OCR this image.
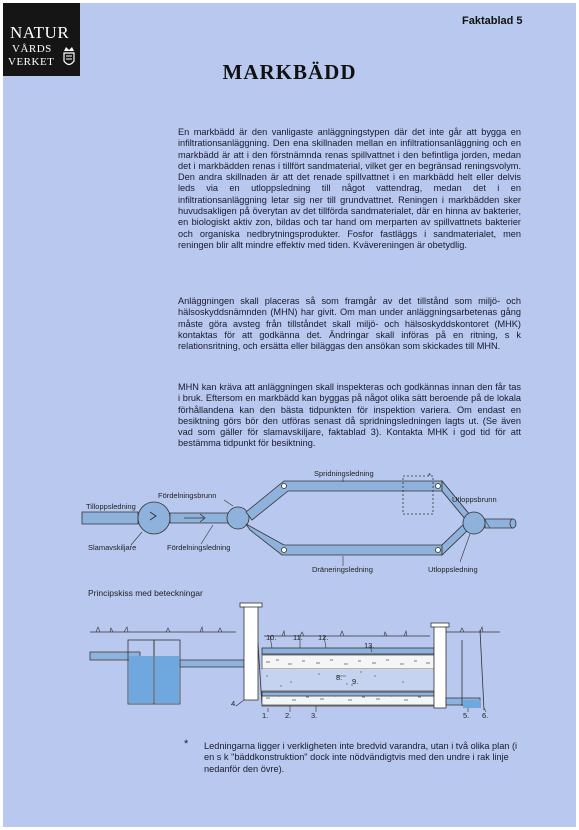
NATUR
VÅRDS
VERKET
Faktablad 5
MARKBÄDD

En markbädd är den vanligaste anläggningstypen där det inte går att bygga en infiltrationsanläggning. Den ena skillnaden mellan en infiltrationsanläggning och en markbädd är att i den förstnämnda renas spillvattnet i den befintliga jorden, medan det i markbädden renas i tillfört sandmaterial, vilket ger en begränsad reningsvolym. Den andra skillnaden är att det renade spillvattnet i en markbädd helt eller delvis leds via en utloppsledning till något vattendrag, medan det i en infiltrationsanläggning letar sig ner till grundvattnet. Reningen i markbädden sker huvudsakligen på överytan av det tillförda sandmaterialet, där en hinna av bakterier, en biologiskt aktiv zon, bildas och tar hand om merparten av spillvattnets bakterier och organiska nedbrytningsprodukter. Fosfor fastläggs i sandmaterialet, men reningen blir allt mindre effektiv med tiden. Kvävereningen är obetydlig.

Anläggningen skall placeras så som framgår av det tillstånd som miljö- och hälsoskyddsnämnden (MHN) har givit. Om man under anläggningsarbetenas gång måste göra avsteg från tillståndet skall miljö- och hälsoskyddskontoret (MHK) kontaktas för att godkänna det. Ändringar skall införas på en ritning, s k relationsritning, och ersätta eller biläggas den ansökan som skickades till MHN.

MHN kan kräva att anläggningen skall inspekteras och godkännas innan den får tas i bruk. Eftersom en markbädd kan byggas på något olika sätt beroende på de lokala förhållandena kan den bästa tidpunkten för inspektion variera. Om endast en besiktning görs bör den utföras senast då spridningsledningen lagts ut. (Se även vad som gäller för slamavskiljare, faktablad 3). Kontakta MHK i god tid för att bestämma tidpunkt för besiktning.

*
Spridningsledning
Fördelningsbrunn	Utloppsbrunn
Tilloppsledning
Slamavskiljare	Fördelningsledning
Dräneringsledning	Utloppsledning
1. 2.	3.
4.
5. 6.
8. 9.
10. 11. 12.
13.
Principskiss med beteckningar
* Ledningarna ligger i verkligheten inte bredvid varandra, utan i två olika plan (i en s k "bäddkonstruktion" dock inte nödvändigtvis med den undre i rak linje nedanför den övre).
